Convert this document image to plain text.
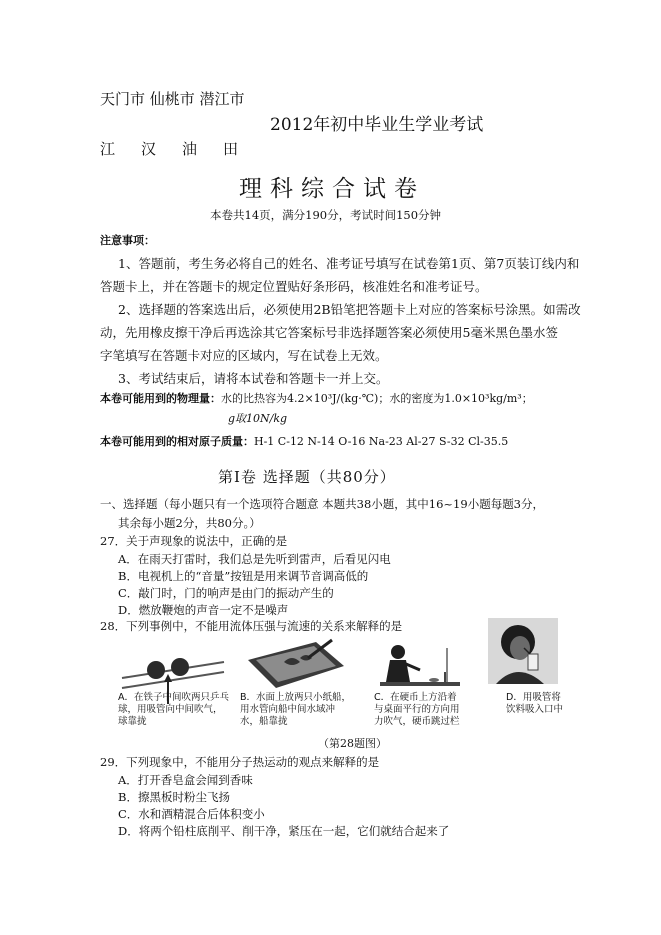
天门市 仙桃市 潜江市
2012年初中毕业生学业考试
江汉油田
理科综合试卷
本卷共14页，满分190分，考试时间150分钟
注意事项：
1、答题前，考生务必将自己的姓名、准考证号填写在试卷第1页、第7页装订线内和
答题卡上，并在答题卡的规定位置贴好条形码，核准姓名和准考证号。
2、选择题的答案选出后，必须使用2B铅笔把答题卡上对应的答案标号涂黑。如需改
动，先用橡皮擦干净后再选涂其它答案标号非选择题答案必须使用5毫米黑色墨水签
字笔填写在答题卡对应的区域内，写在试卷上无效。
3、考试结束后，请将本试卷和答题卡一并上交。
本卷可能用到的物理量：水的比热容为4.2×10³J/(kg·℃)；水的密度为1.0×10³kg/m³；
g取10N/kg
本卷可能用到的相对原子质量：H-1 C-12 N-14 O-16 Na-23 Al-27 S-32 Cl-35.5
第Ⅰ卷 选择题（共80分）
一、选择题（每小题只有一个选项符合题意 本题共38小题，其中16~19小题每题3分，
其余每小题2分，共80分。）
27．关于声现象的说法中，正确的是
A．在雨天打雷时，我们总是先听到雷声，后看见闪电
B．电视机上的“音量”按钮是用来调节音调高低的
C．敲门时，门的响声是由门的振动产生的
D．燃放鞭炮的声音一定不是噪声
28．下列事例中，不能用流体压强与流速的关系来解释的是
A．在铁子中间吹两只乒乓球，用吸管向中间吹气，球靠拢
B．水面上放两只小纸船，用水管向船中间水域冲水，船靠拢
C．在硬币上方沿着与桌面平行的方向用力吹气，硬币跳过栏
D．用吸管将饮料吸入口中
（第28题图）
29．下列现象中，不能用分子热运动的观点来解释的是
A．打开香皂盒会闻到香味
B．擦黑板时粉尘飞扬
C．水和酒精混合后体积变小
D．将两个铅柱底削平、削干净，紧压在一起，它们就结合起来了
